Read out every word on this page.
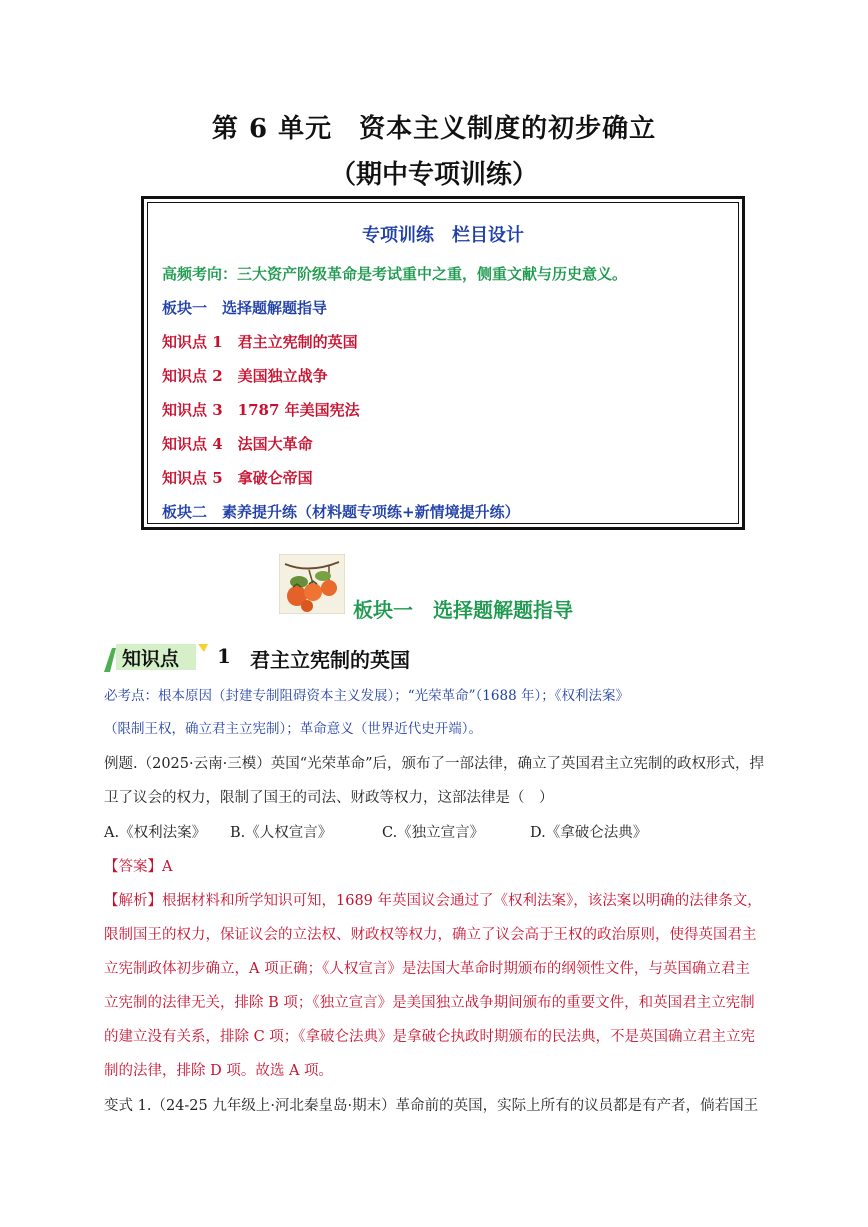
第 6 单元　资本主义制度的初步确立
（期中专项训练）
专项训练　栏目设计
高频考向：三大资产阶级革命是考试重中之重，侧重文献与历史意义。
板块一　选择题解题指导
知识点 1　君主立宪制的英国
知识点 2　美国独立战争
知识点 3　1787 年美国宪法
知识点 4　法国大革命
知识点 5　拿破仑帝国
板块二　素养提升练（材料题专项练+新情境提升练）
板块一　选择题解题指导
知识点 1 君主立宪制的英国
必考点：根本原因（封建专制阻碍资本主义发展）；“光荣革命”（1688 年）；《权利法案》
（限制王权，确立君主立宪制）；革命意义（世界近代史开端）。
例题.（2025·云南·三模）英国“光荣革命”后，颁布了一部法律，确立了英国君主立宪制的政权形式，捍
卫了议会的权力，限制了国王的司法、财政等权力，这部法律是（　）
A.《权利法案》 B.《人权宣言》	C.《独立宣言》	D.《拿破仑法典》
【答案】A
【解析】根据材料和所学知识可知，1689 年英国议会通过了《权利法案》，该法案以明确的法律条文，
限制国王的权力，保证议会的立法权、财政权等权力，确立了议会高于王权的政治原则，使得英国君主
立宪制政体初步确立，A 项正确；《人权宣言》是法国大革命时期颁布的纲领性文件，与英国确立君主
立宪制的法律无关，排除 B 项；《独立宣言》是美国独立战争期间颁布的重要文件，和英国君主立宪制
的建立没有关系，排除 C 项；《拿破仑法典》是拿破仑执政时期颁布的民法典，不是英国确立君主立宪
制的法律，排除 D 项。故选 A 项。
变式 1.（24-25 九年级上·河北秦皇岛·期末）革命前的英国，实际上所有的议员都是有产者，倘若国王
